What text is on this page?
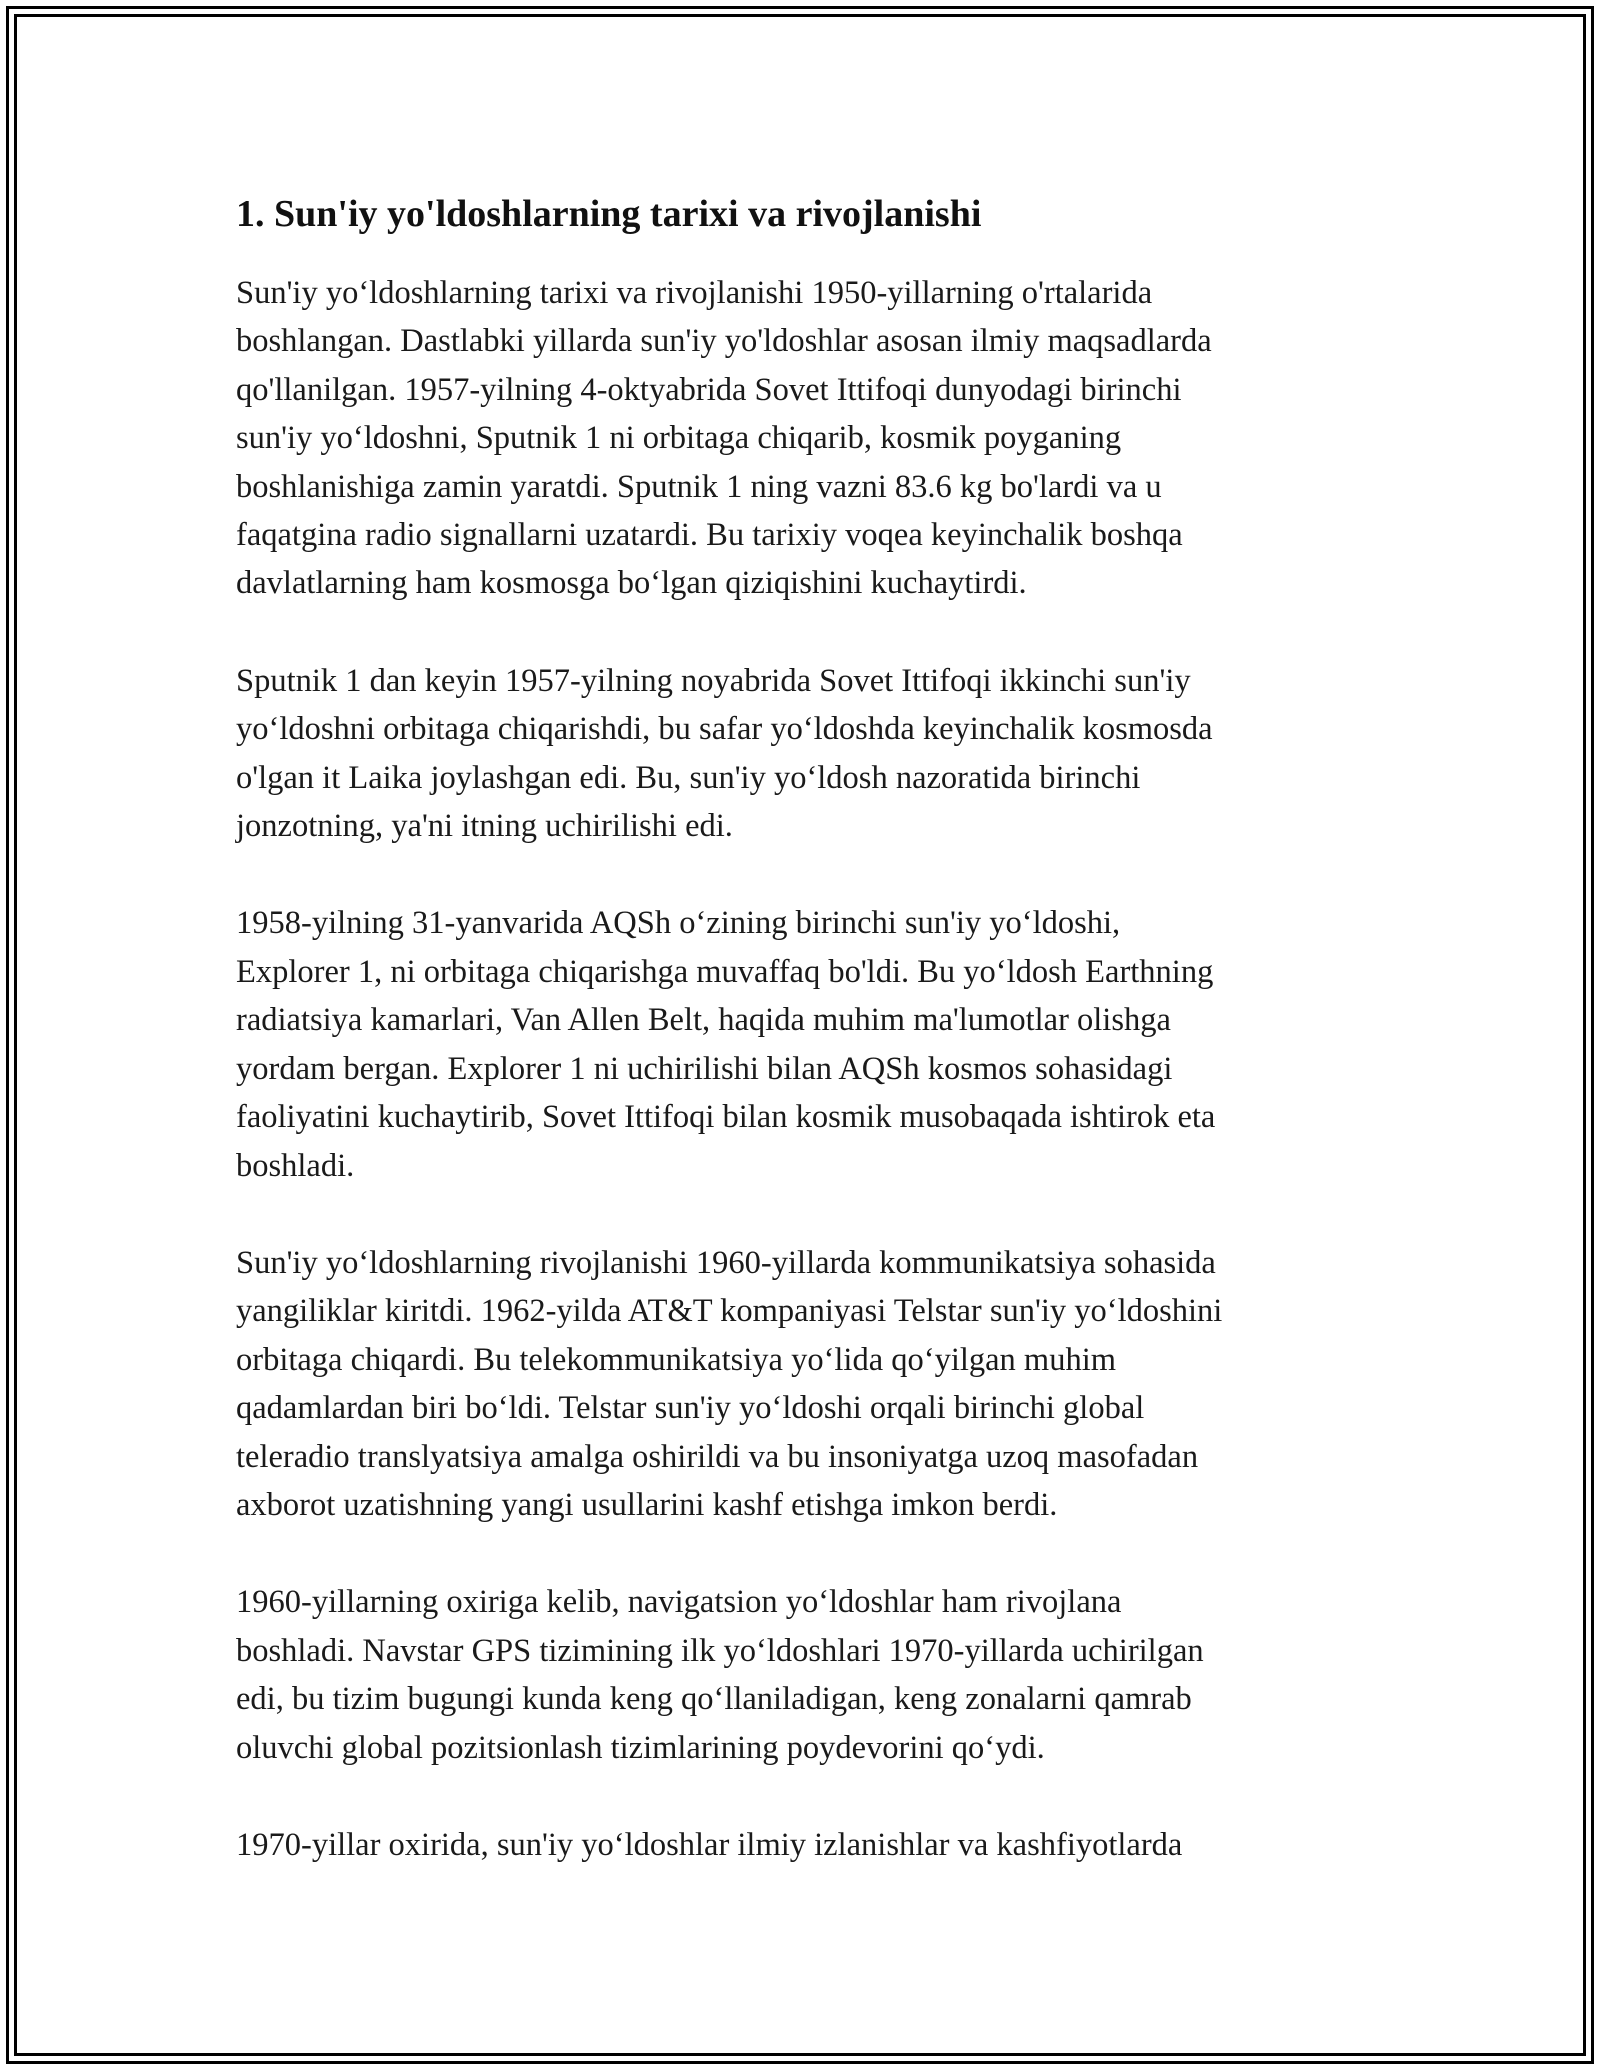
1. Sun'iy yo'ldoshlarning tarixi va rivojlanishi
Sun'iy yo‘ldoshlarning tarixi va rivojlanishi 1950-yillarning o'rtalarida
boshlangan. Dastlabki yillarda sun'iy yo'ldoshlar asosan ilmiy maqsadlarda
qo'llanilgan. 1957-yilning 4-oktyabrida Sovet Ittifoqi dunyodagi birinchi
sun'iy yo‘ldoshni, Sputnik 1 ni orbitaga chiqarib, kosmik poyganing
boshlanishiga zamin yaratdi. Sputnik 1 ning vazni 83.6 kg bo'lardi va u
faqatgina radio signallarni uzatardi. Bu tarixiy voqea keyinchalik boshqa
davlatlarning ham kosmosga bo‘lgan qiziqishini kuchaytirdi.
Sputnik 1 dan keyin 1957-yilning noyabrida Sovet Ittifoqi ikkinchi sun'iy
yo‘ldoshni orbitaga chiqarishdi, bu safar yo‘ldoshda keyinchalik kosmosda
o'lgan it Laika joylashgan edi. Bu, sun'iy yo‘ldosh nazoratida birinchi
jonzotning, ya'ni itning uchirilishi edi.
1958-yilning 31-yanvarida AQSh o‘zining birinchi sun'iy yo‘ldoshi,
Explorer 1, ni orbitaga chiqarishga muvaffaq bo'ldi. Bu yo‘ldosh Earthning
radiatsiya kamarlari, Van Allen Belt, haqida muhim ma'lumotlar olishga
yordam bergan. Explorer 1 ni uchirilishi bilan AQSh kosmos sohasidagi
faoliyatini kuchaytirib, Sovet Ittifoqi bilan kosmik musobaqada ishtirok eta
boshladi.
Sun'iy yo‘ldoshlarning rivojlanishi 1960-yillarda kommunikatsiya sohasida
yangiliklar kiritdi. 1962-yilda AT&T kompaniyasi Telstar sun'iy yo‘ldoshini
orbitaga chiqardi. Bu telekommunikatsiya yo‘lida qo‘yilgan muhim
qadamlardan biri bo‘ldi. Telstar sun'iy yo‘ldoshi orqali birinchi global
teleradio translyatsiya amalga oshirildi va bu insoniyatga uzoq masofadan
axborot uzatishning yangi usullarini kashf etishga imkon berdi.
1960-yillarning oxiriga kelib, navigatsion yo‘ldoshlar ham rivojlana
boshladi. Navstar GPS tizimining ilk yo‘ldoshlari 1970-yillarda uchirilgan
edi, bu tizim bugungi kunda keng qo‘llaniladigan, keng zonalarni qamrab
oluvchi global pozitsionlash tizimlarining poydevorini qo‘ydi.
1970-yillar oxirida, sun'iy yo‘ldoshlar ilmiy izlanishlar va kashfiyotlarda
